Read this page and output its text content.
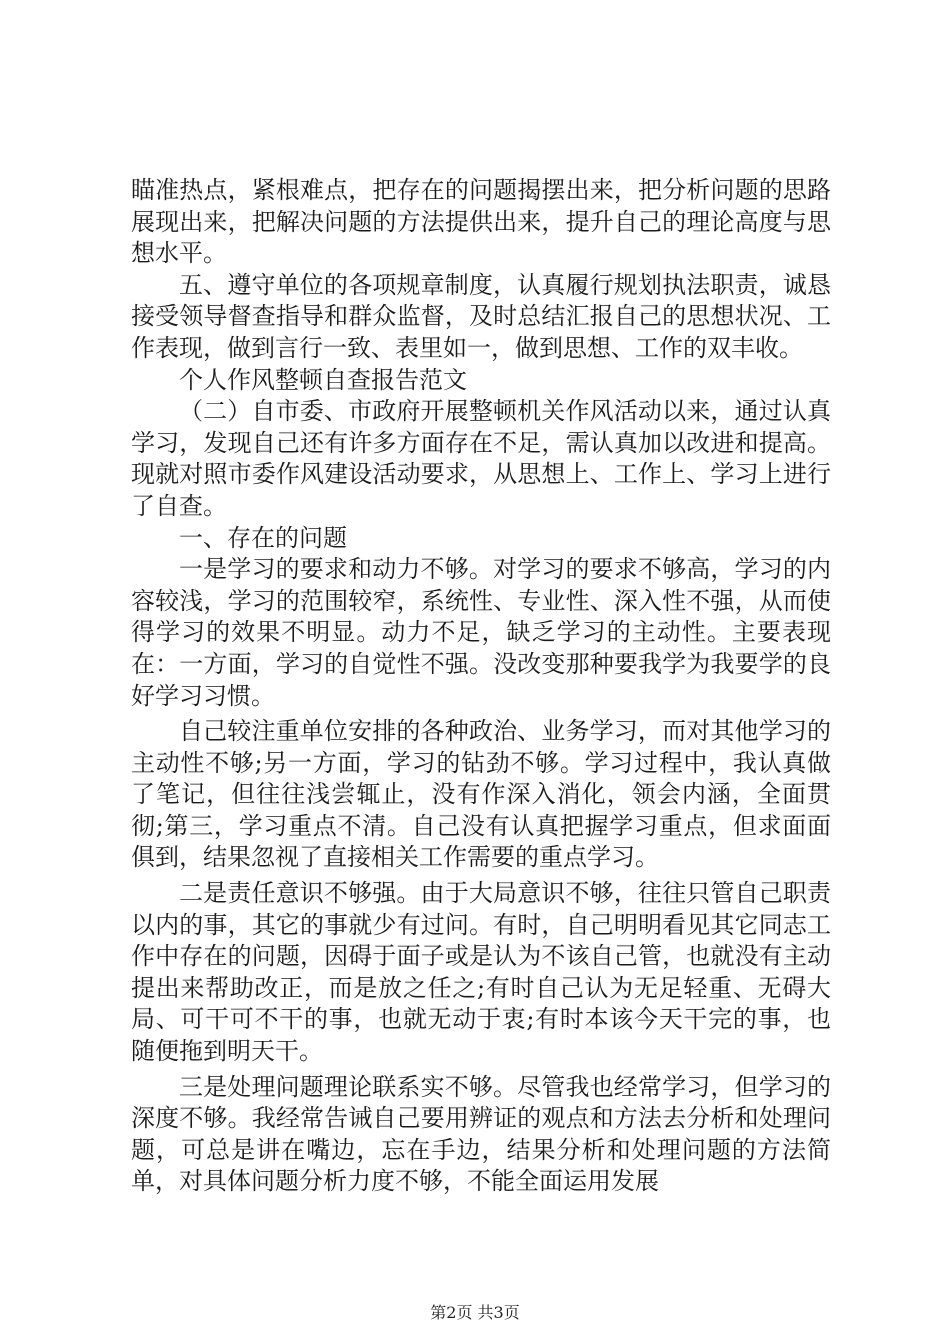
瞄准热点，紧根难点，把存在的问题揭摆出来，把分析问题的思路展现出来，把解决问题的方法提供出来，提升自己的理论高度与思想水平。

五、遵守单位的各项规章制度，认真履行规划执法职责，诚恳接受领导督查指导和群众监督，及时总结汇报自己的思想状况、工作表现，做到言行一致、表里如一，做到思想、工作的双丰收。

个人作风整顿自查报告范文

（二）自市委、市政府开展整顿机关作风活动以来，通过认真学习，发现自己还有许多方面存在不足，需认真加以改进和提高。现就对照市委作风建设活动要求，从思想上、工作上、学习上进行了自查。

一、存在的问题

一是学习的要求和动力不够。对学习的要求不够高，学习的内容较浅，学习的范围较窄，系统性、专业性、深入性不强，从而使得学习的效果不明显。动力不足，缺乏学习的主动性。主要表现在：一方面，学习的自觉性不强。没改变那种要我学为我要学的良好学习习惯。

自己较注重单位安排的各种政治、业务学习，而对其他学习的主动性不够;另一方面，学习的钻劲不够。学习过程中，我认真做了笔记，但往往浅尝辄止，没有作深入消化，领会内涵，全面贯彻;第三，学习重点不清。自己没有认真把握学习重点，但求面面俱到，结果忽视了直接相关工作需要的重点学习。

二是责任意识不够强。由于大局意识不够，往往只管自己职责以内的事，其它的事就少有过问。有时，自己明明看见其它同志工作中存在的问题，因碍于面子或是认为不该自己管，也就没有主动提出来帮助改正，而是放之任之;有时自己认为无足轻重、无碍大局、可干可不干的事，也就无动于衷;有时本该今天干完的事，也随便拖到明天干。

三是处理问题理论联系实不够。尽管我也经常学习，但学习的深度不够。我经常告诫自己要用辨证的观点和方法去分析和处理问题，可总是讲在嘴边，忘在手边，结果分析和处理问题的方法简单，对具体问题分析力度不够，不能全面运用发展

第2页 共3页
